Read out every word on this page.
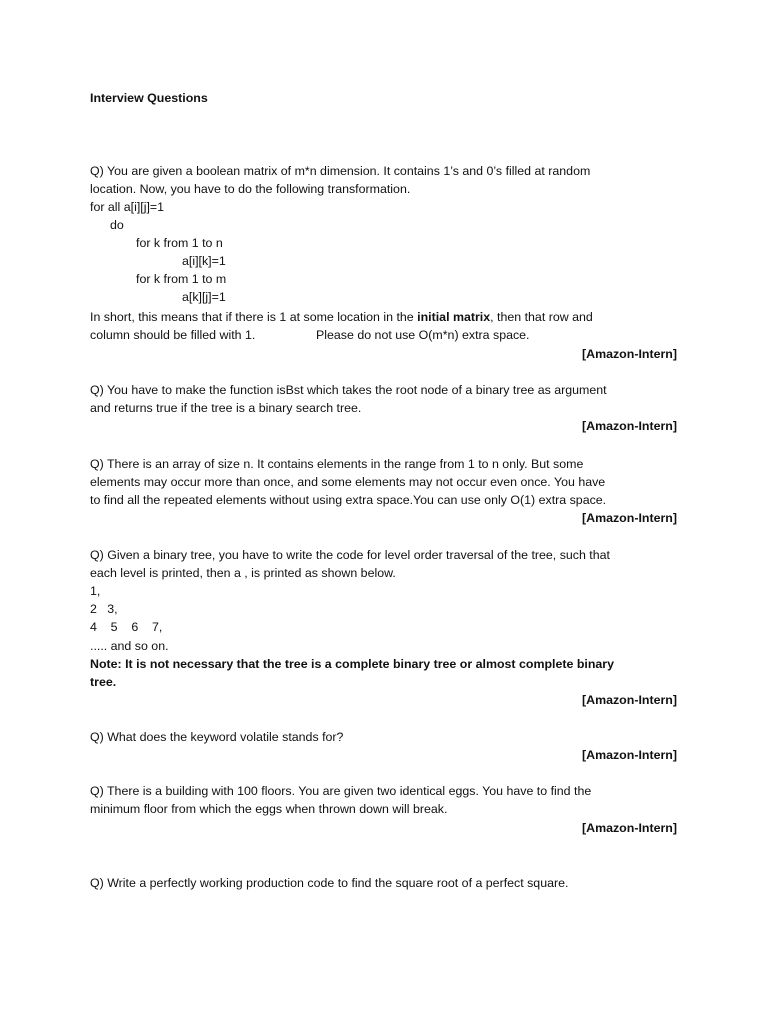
Interview Questions
Q) You are given a boolean matrix of m*n dimension. It contains 1’s and 0’s filled at random
location. Now, you have to do the following transformation.
for all a[i][j]=1
do
for k from 1 to n
a[i][k]=1
for k from 1 to m
a[k][j]=1
In short, this means that if there is 1 at some location in the initial matrix, then that row and
column should be filled with 1.	Please do not use O(m*n) extra space.
[Amazon-Intern]
Q) You have to make the function isBst which takes the root node of a binary tree as argument
and returns true if the tree is a binary search tree.
[Amazon-Intern]
Q) There is an array of size n. It contains elements in the range from 1 to n only. But some
elements may occur more than once, and some elements may not occur even once. You have
to find all the repeated elements without using extra space.You can use only O(1) extra space.
[Amazon-Intern]
Q) Given a binary tree, you have to write the code for level order traversal of the tree, such that
each level is printed, then a , is printed as shown below.
1,
2   3,
4    5    6    7,
..... and so on.
Note: It is not necessary that the tree is a complete binary tree or almost complete binary
tree.
[Amazon-Intern]
Q) What does the keyword volatile stands for?
[Amazon-Intern]
Q) There is a building with 100 floors. You are given two identical eggs. You have to find the
minimum floor from which the eggs when thrown down will break.
[Amazon-Intern]
Q) Write a perfectly working production code to find the square root of a perfect square.
